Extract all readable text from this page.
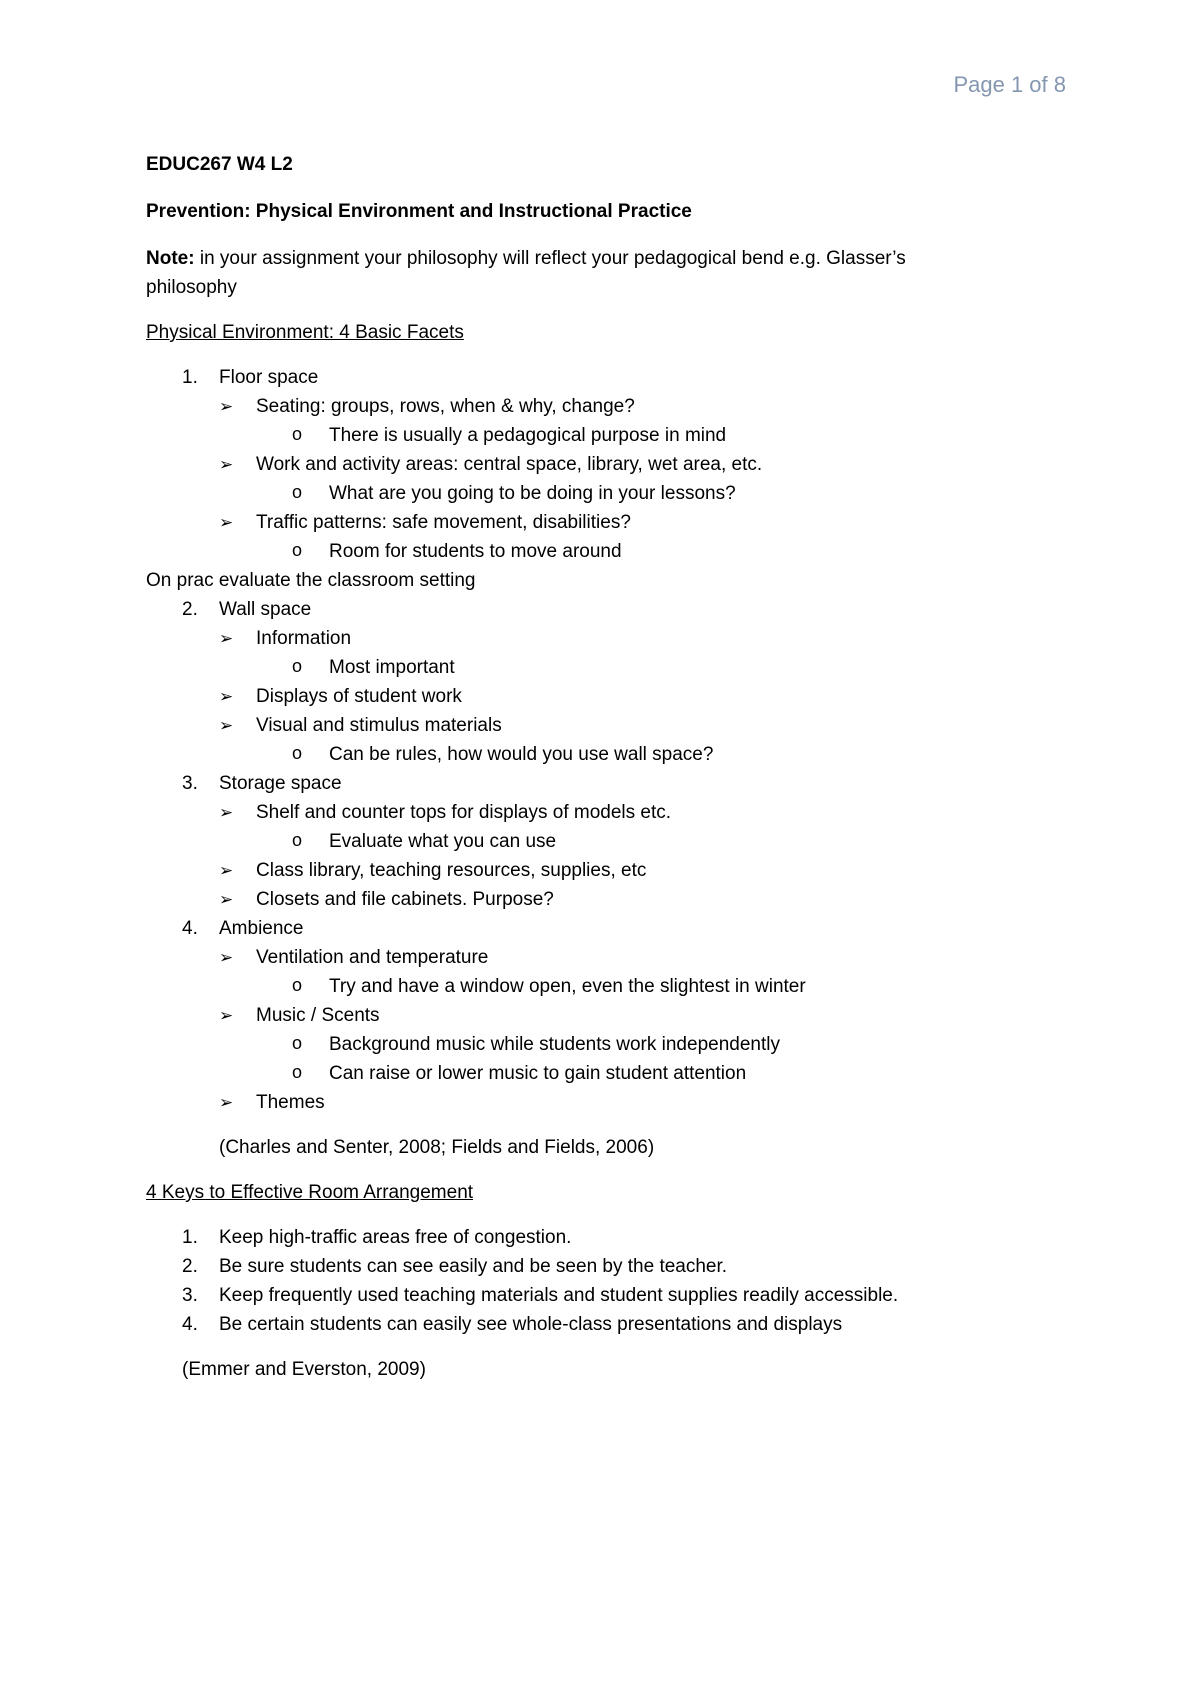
Page 1 of 8

EDUC267 W4 L2

Prevention: Physical Environment and Instructional Practice

Note: in your assignment your philosophy will reflect your pedagogical bend e.g. Glasser’s

philosophy

Physical Environment: 4 Basic Facets

1. Floor space

➢ Seating: groups, rows, when & why, change?

o There is usually a pedagogical purpose in mind

➢ Work and activity areas: central space, library, wet area, etc.

o What are you going to be doing in your lessons?

➢ Traffic patterns: safe movement, disabilities?

o Room for students to move around

On prac evaluate the classroom setting

2. Wall space

➢ Information

o Most important

➢ Displays of student work

➢ Visual and stimulus materials

o Can be rules, how would you use wall space?

3. Storage space

➢ Shelf and counter tops for displays of models etc.

o Evaluate what you can use

➢ Class library, teaching resources, supplies, etc

➢ Closets and file cabinets. Purpose?

4. Ambience

➢ Ventilation and temperature

o Try and have a window open, even the slightest in winter

➢ Music / Scents

o Background music while students work independently

o Can raise or lower music to gain student attention

➢ Themes

(Charles and Senter, 2008; Fields and Fields, 2006)

4 Keys to Effective Room Arrangement

1. Keep high-traffic areas free of congestion.

2. Be sure students can see easily and be seen by the teacher.

3. Keep frequently used teaching materials and student supplies readily accessible.

4. Be certain students can easily see whole-class presentations and displays

(Emmer and Everston, 2009)
